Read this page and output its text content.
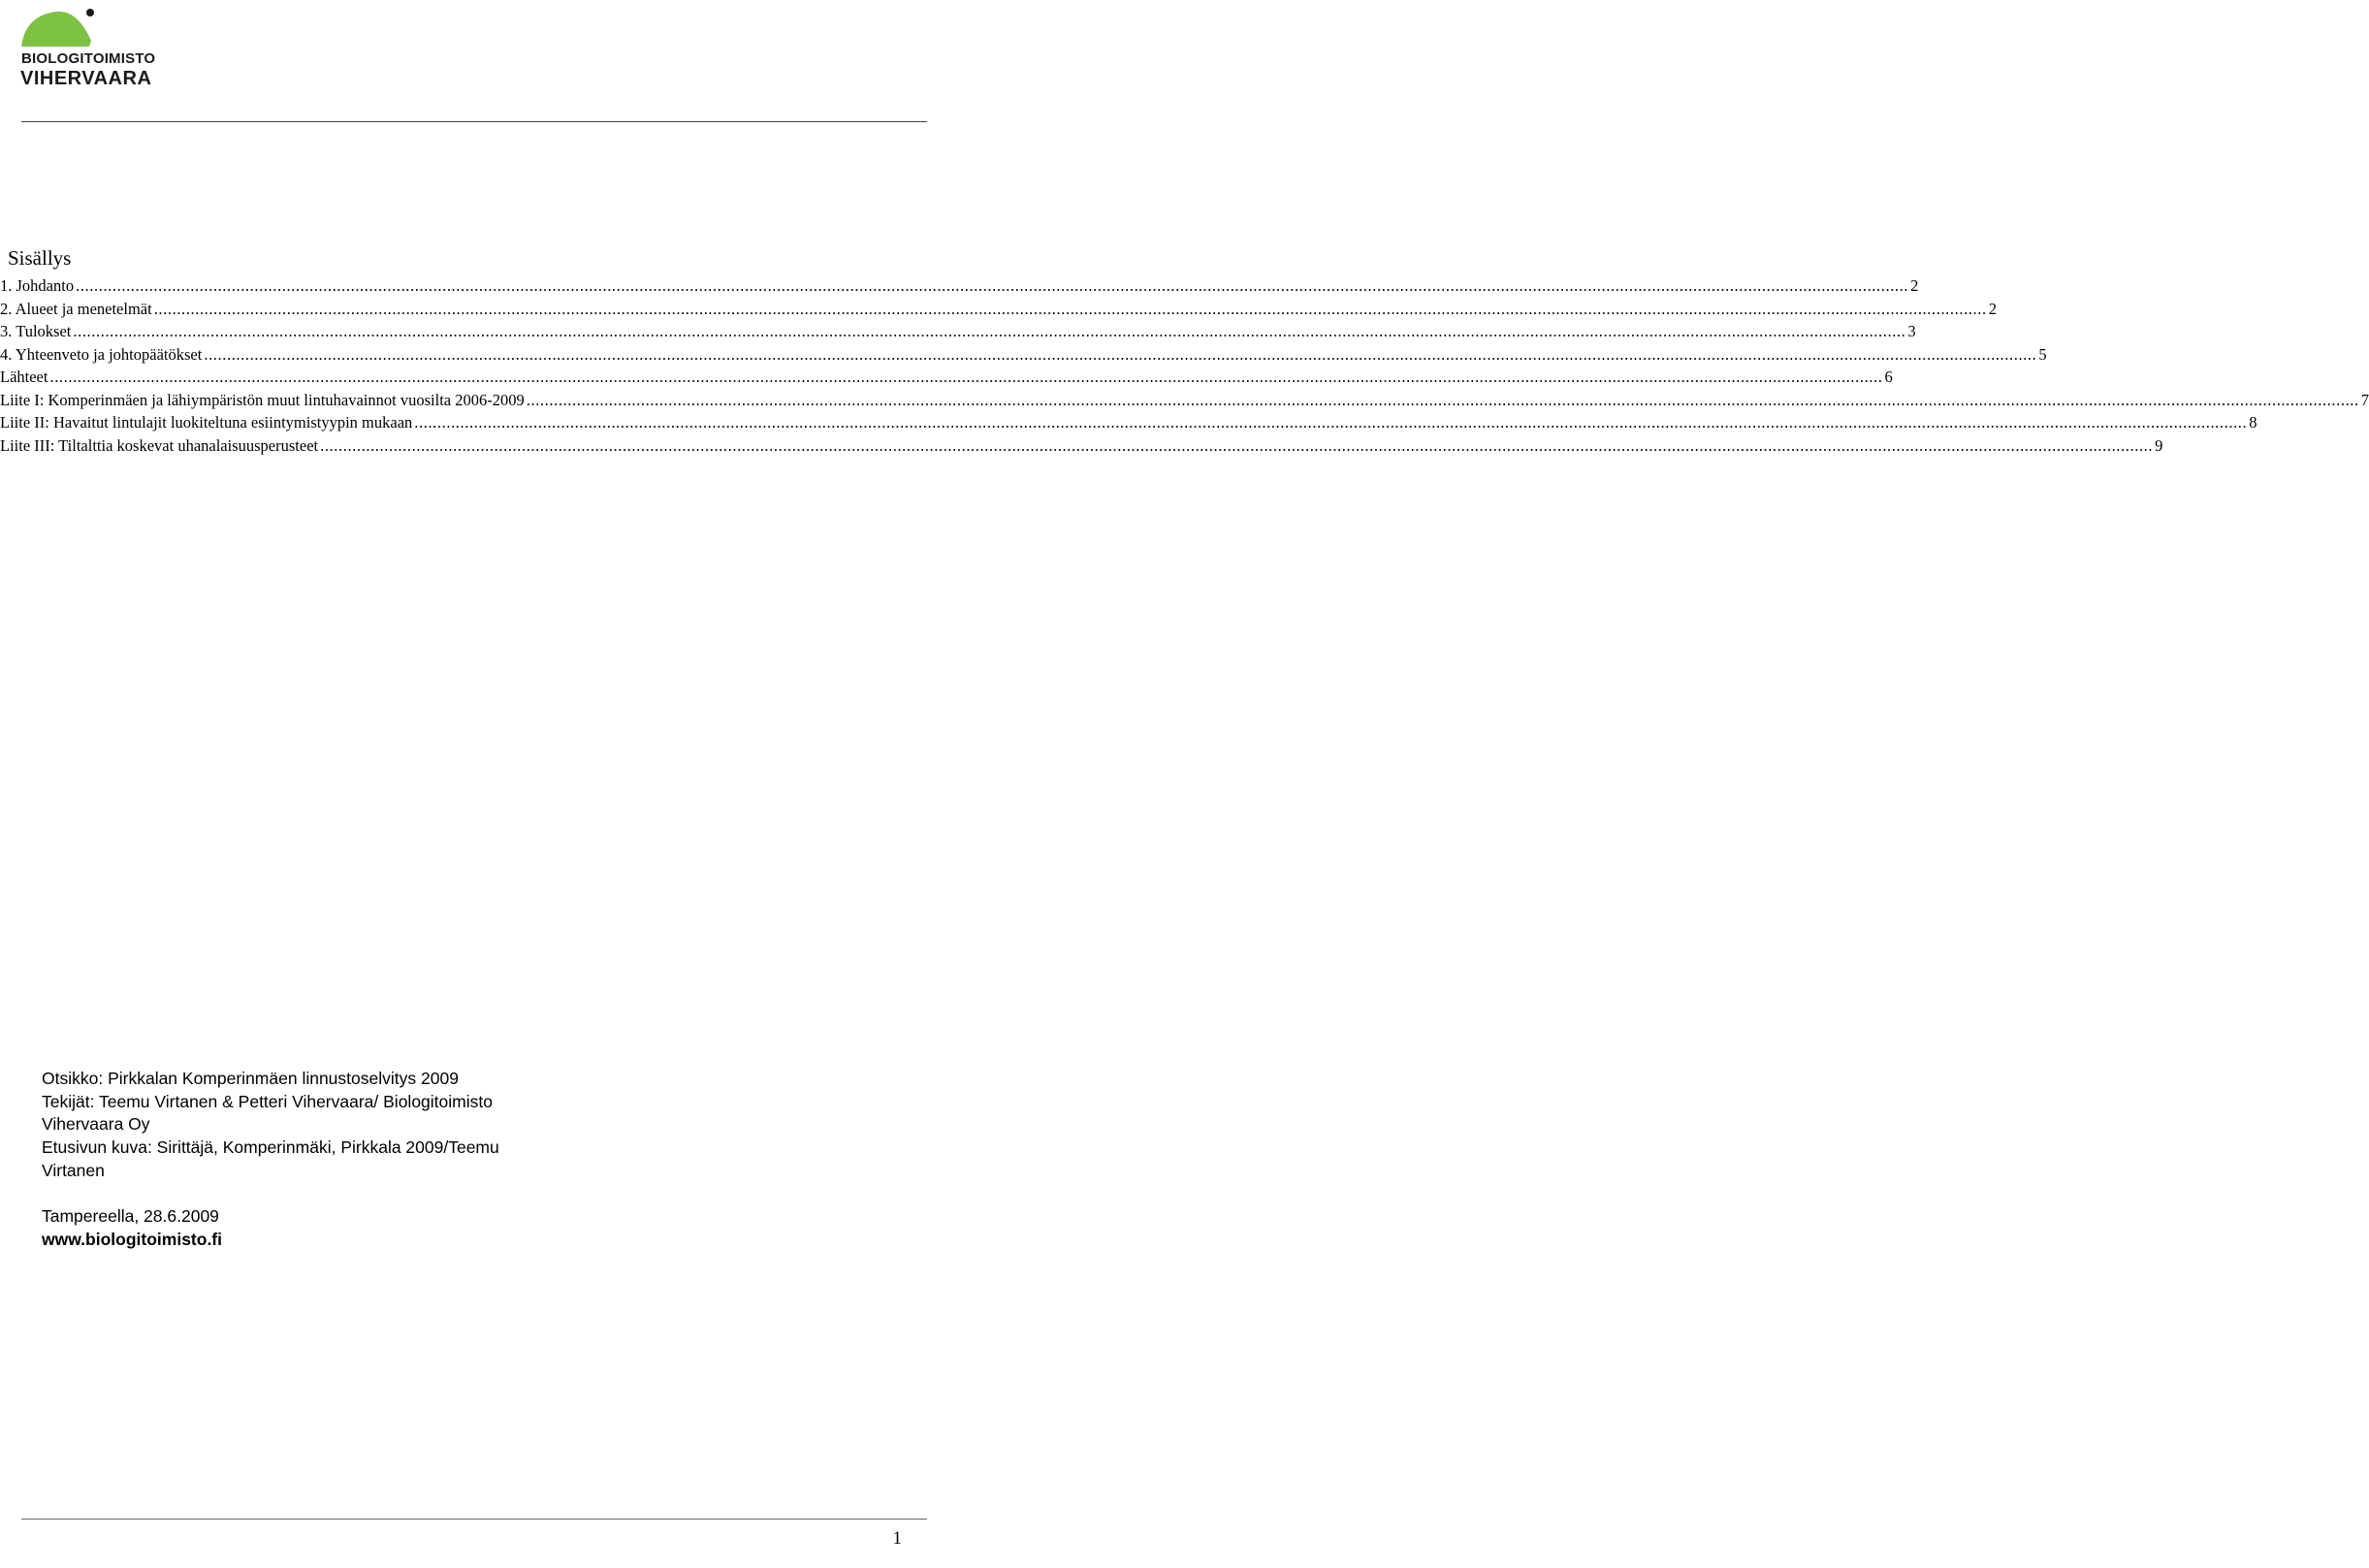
BIOLOGITOIMISTO
VIHERVAARA
Sisällys
1. Johdanto ................................................................................................................................................................................................................................................................................................................................................................................................................ 2
2. Alueet ja menetelmät ................................................................................................................................................................................................................................................................................................................................................................................................................ 2
3. Tulokset ................................................................................................................................................................................................................................................................................................................................................................................................................ 3
4. Yhteenveto ja johtopäätökset ................................................................................................................................................................................................................................................................................................................................................................................................................ 5
Lähteet ................................................................................................................................................................................................................................................................................................................................................................................................................ 6
Liite I: Komperinmäen ja lähiympäristön muut lintuhavainnot vuosilta 2006-2009 ................................................................................................................................................................................................................................................................................................................................................................................................................ 7
Liite II: Havaitut lintulajit luokiteltuna esiintymistyypin mukaan ................................................................................................................................................................................................................................................................................................................................................................................................................ 8
Liite III: Tiltalttia koskevat uhanalaisuusperusteet ................................................................................................................................................................................................................................................................................................................................................................................................................ 9

Otsikko: Pirkkalan Komperinmäen linnustoselvitys 2009

Tekijät: Teemu Virtanen & Petteri Vihervaara/ Biologitoimisto

Vihervaara Oy

Etusivun kuva: Sirittäjä, Komperinmäki, Pirkkala 2009/Teemu

Virtanen

Tampereella, 28.6.2009

www.biologitoimisto.fi

1
